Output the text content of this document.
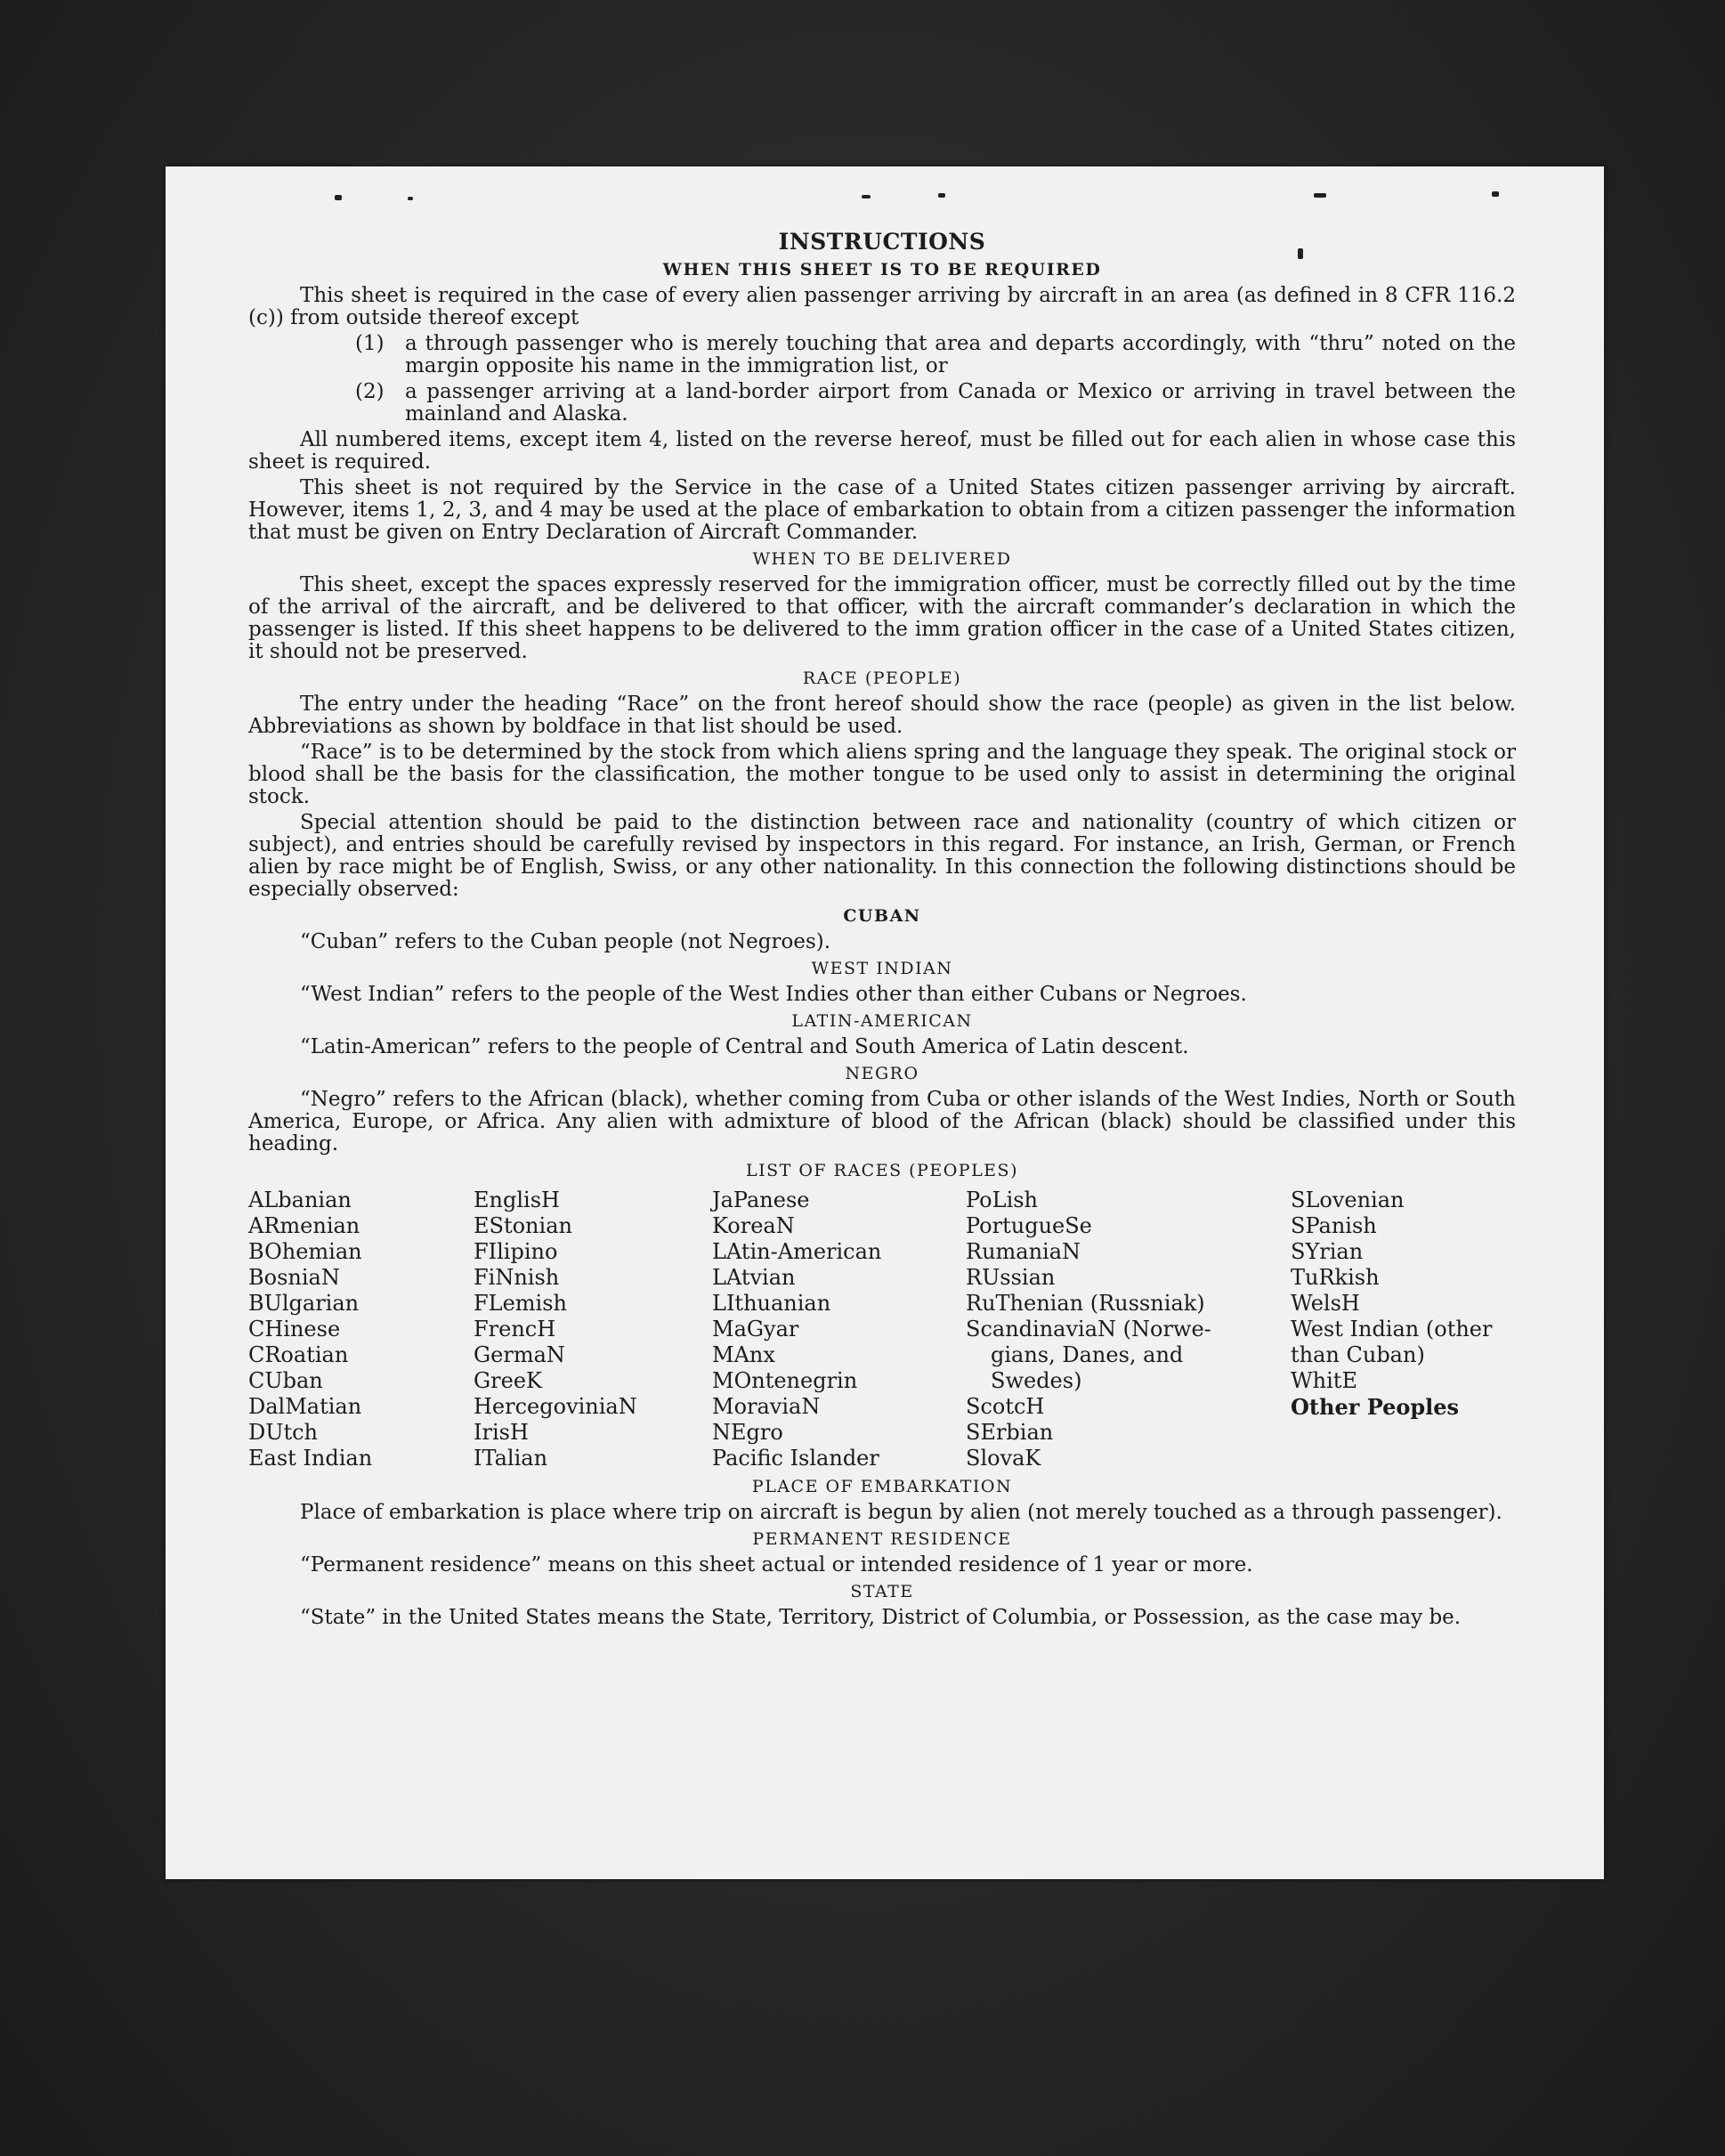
INSTRUCTIONS
WHEN THIS SHEET IS TO BE REQUIRED

This sheet is required in the case of every alien passenger arriving by aircraft in an area (as defined in 8 CFR 116.2 (c)) from outside thereof except

(1)	a through passenger who is merely touching that area and departs accordingly, with “thru” noted on the margin opposite his name in the immigration list, or
(2)	a passenger arriving at a land-border airport from Canada or Mexico or arriving in travel between the mainland and Alaska.

All numbered items, except item 4, listed on the reverse hereof, must be filled out for each alien in whose case this sheet is required.

This sheet is not required by the Service in the case of a United States citizen passenger arriving by aircraft. However, items 1, 2, 3, and 4 may be used at the place of embarkation to obtain from a citizen passenger the information that must be given on Entry Declaration of Aircraft Commander.

WHEN TO BE DELIVERED

This sheet, except the spaces expressly reserved for the immigration officer, must be correctly filled out by the time of the arrival of the aircraft, and be delivered to that officer, with the aircraft commander’s declaration in which the passenger is listed. If this sheet happens to be delivered to the imm gration officer in the case of a United States citizen, it should not be preserved.

RACE (PEOPLE)

The entry under the heading “Race” on the front hereof should show the race (people) as given in the list below. Abbreviations as shown by boldface in that list should be used.

“Race” is to be determined by the stock from which aliens spring and the language they speak. The original stock or blood shall be the basis for the classification, the mother tongue to be used only to assist in determining the original stock.

Special attention should be paid to the distinction between race and nationality (country of which citizen or subject), and entries should be carefully revised by inspectors in this regard. For instance, an Irish, German, or French alien by race might be of English, Swiss, or any other nationality. In this connection the following distinctions should be especially observed:

CUBAN

“Cuban” refers to the Cuban people (not Negroes).

WEST INDIAN

“West Indian” refers to the people of the West Indies other than either Cubans or Negroes.

LATIN-AMERICAN

“Latin-American” refers to the people of Central and South America of Latin descent.

NEGRO

“Negro” refers to the African (black), whether coming from Cuba or other islands of the West Indies, North or South America, Europe, or Africa. Any alien with admixture of blood of the African (black) should be classified under this heading.

LIST OF RACES (PEOPLES)
ALbanian
ARmenian
BOhemian
BosniaN
BUlgarian
CHinese
CRoatian
CUban
DalMatian
DUtch
East Indian
EnglisH
EStonian
FIlipino
FiNnish
FLemish
FrencH
GermaN
GreeK
HercegoviniaN
IrisH
ITalian
JaPanese
KoreaN
LAtin-American
LAtvian
LIthuanian
MaGyar
MAnx
MOntenegrin
MoraviaN
NEgro
Pacific Islander
PoLish
PortugueSe
RumaniaN
RUssian
RuThenian (Russniak)
ScandinaviaN (Norwe-
gians, Danes, and
Swedes)
ScotcH
SErbian
SlovaK
SLovenian
SPanish
SYrian
TuRkish
WelsH
West Indian (other
than Cuban)
WhitE
Other Peoples
PLACE OF EMBARKATION

Place of embarkation is place where trip on aircraft is begun by alien (not merely touched as a through passenger).

PERMANENT RESIDENCE

“Permanent residence” means on this sheet actual or intended residence of 1 year or more.

STATE

“State” in the United States means the State, Territory, District of Columbia, or Possession, as the case may be.
